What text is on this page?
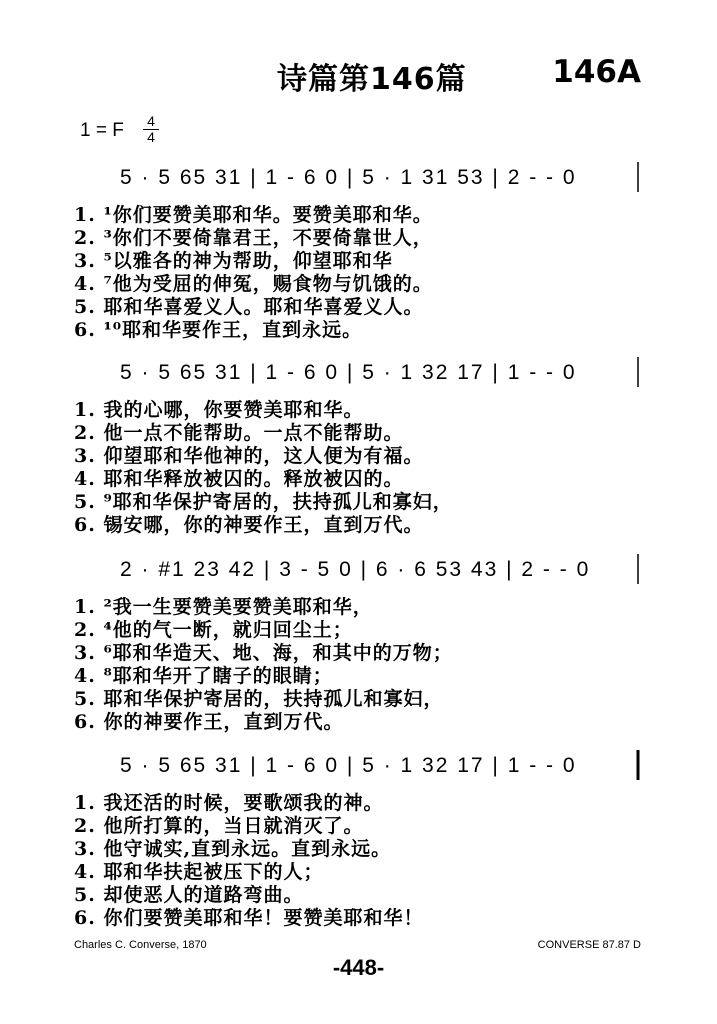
诗篇第146篇	146A
1 = F 4
4
5 · 5 65 31 | 1 - 6 0 | 5 · 1 31 53 | 2 - - 0
1. ¹你们要赞美耶和华。要赞美耶和华。
2. ³你们不要倚靠君王，不要倚靠世人，
3. ⁵以雅各的神为帮助，仰望耶和华
4. ⁷他为受屈的伸冤，赐食物与饥饿的。
5. 耶和华喜爱义人。耶和华喜爱义人。
6. ¹⁰耶和华要作王，直到永远。
5 · 5 65 31 | 1 - 6 0 | 5 · 1 32 17 | 1 - - 0
1. 我的心哪，你要赞美耶和华。
2. 他一点不能帮助。一点不能帮助。
3. 仰望耶和华他神的，这人便为有福。
4. 耶和华释放被囚的。释放被囚的。
5. ⁹耶和华保护寄居的，扶持孤儿和寡妇，
6. 锡安哪，你的神要作王，直到万代。
2 · #1 23 42 | 3 - 5 0 | 6 · 6 53 43 | 2 - - 0
1. ²我一生要赞美要赞美耶和华，
2. ⁴他的气一断，就归回尘土；
3. ⁶耶和华造天、地、海，和其中的万物；
4. ⁸耶和华开了瞎子的眼睛；
5. 耶和华保护寄居的，扶持孤儿和寡妇，
6. 你的神要作王，直到万代。
5 · 5 65 31 | 1 - 6 0 | 5 · 1 32 17 | 1 - - 0
1. 我还活的时候，要歌颂我的神。
2. 他所打算的，当日就消灭了。
3. 他守诚实,直到永远。直到永远。
4. 耶和华扶起被压下的人；
5. 却使恶人的道路弯曲。
6. 你们要赞美耶和华！要赞美耶和华！
Charles C. Converse, 1870	CONVERSE 87.87 D
-448-
